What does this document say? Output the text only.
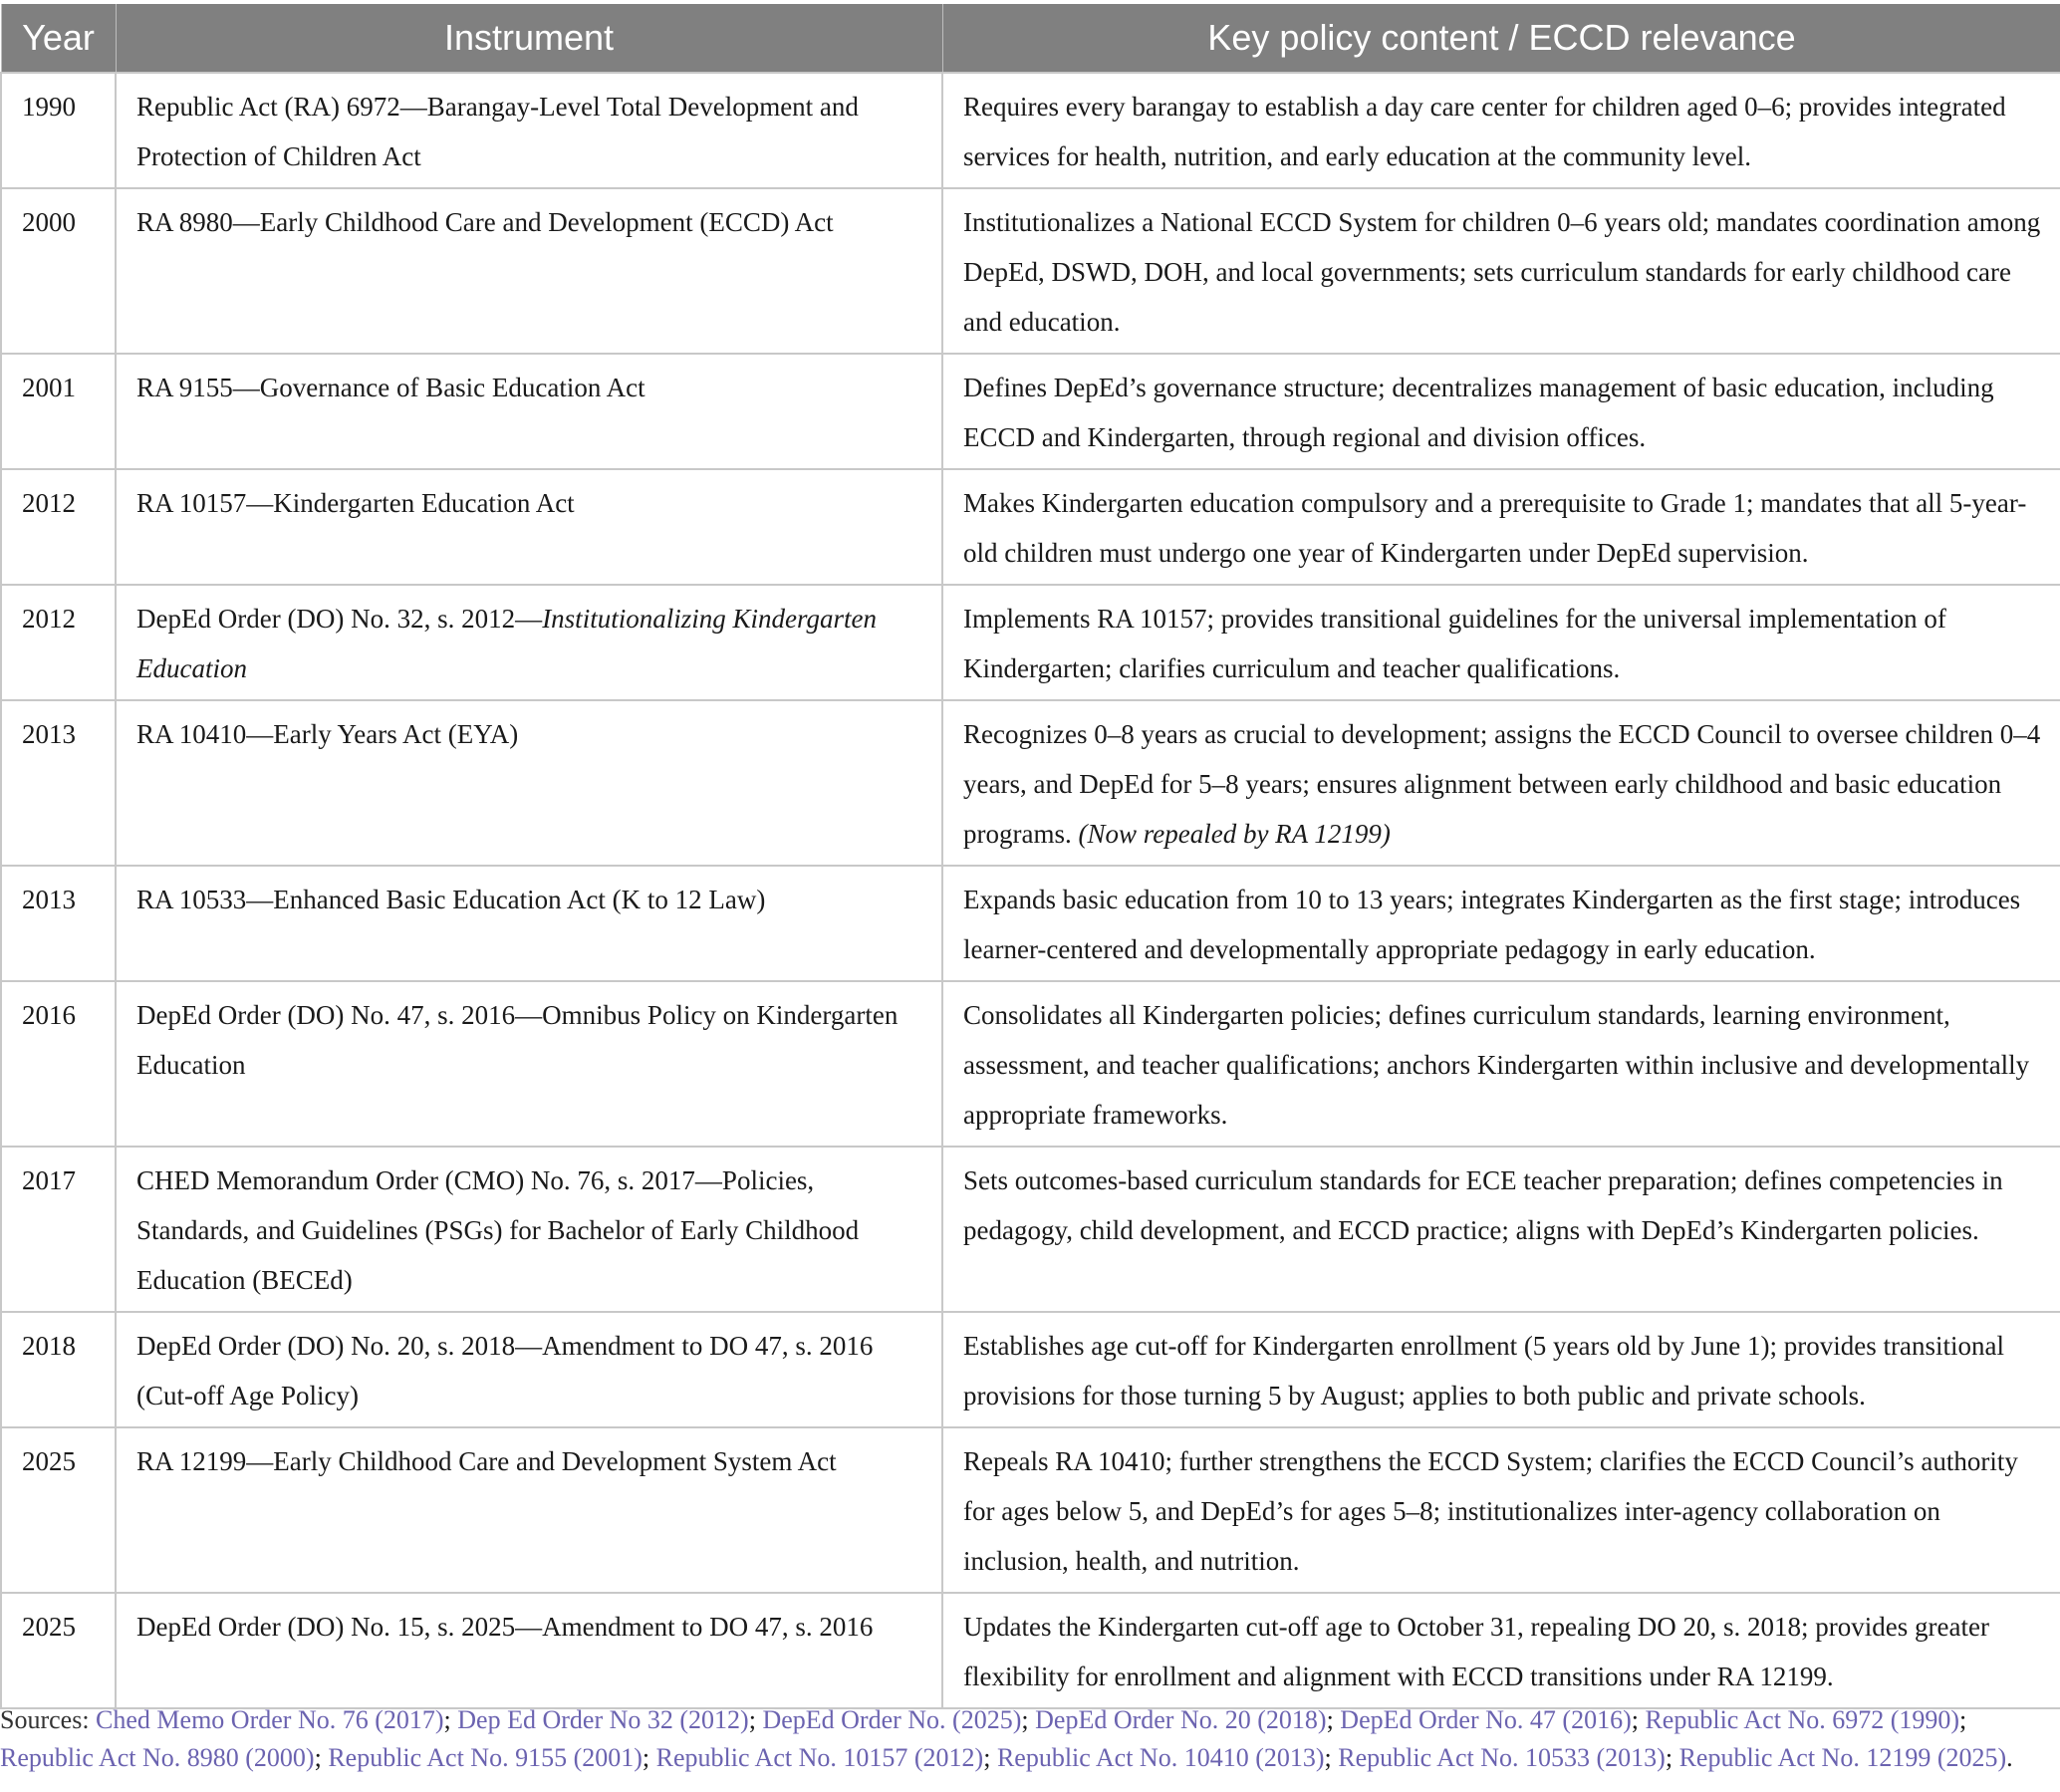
Year	Instrument	Key policy content / ECCD relevance
1990	Republic Act (RA) 6972—Barangay-Level Total Development and Protection of Children Act	Requires every barangay to establish a day care center for children aged 0–6; provides integrated services for health, nutrition, and early education at the community level.
2000	RA 8980—Early Childhood Care and Development (ECCD) Act	Institutionalizes a National ECCD System for children 0–6 years old; mandates coordination among DepEd, DSWD, DOH, and local governments; sets curriculum standards for early childhood care and education.
2001	RA 9155—Governance of Basic Education Act	Defines DepEd’s governance structure; decentralizes management of basic education, including ECCD and Kindergarten, through regional and division offices.
2012	RA 10157—Kindergarten Education Act	Makes Kindergarten education compulsory and a prerequisite to Grade 1; mandates that all 5-year-old children must undergo one year of Kindergarten under DepEd supervision.
2012	DepEd Order (DO) No. 32, s. 2012—Institutionalizing Kindergarten Education	Implements RA 10157; provides transitional guidelines for the universal implementation of Kindergarten; clarifies curriculum and teacher qualifications.
2013	RA 10410—Early Years Act (EYA)	Recognizes 0–8 years as crucial to development; assigns the ECCD Council to oversee children 0–4 years, and DepEd for 5–8 years; ensures alignment between early childhood and basic education programs. (Now repealed by RA 12199)
2013	RA 10533—Enhanced Basic Education Act (K to 12 Law)	Expands basic education from 10 to 13 years; integrates Kindergarten as the first stage; introduces learner-centered and developmentally appropriate pedagogy in early education.
2016	DepEd Order (DO) No. 47, s. 2016—Omnibus Policy on Kindergarten Education	Consolidates all Kindergarten policies; defines curriculum standards, learning environment, assessment, and teacher qualifications; anchors Kindergarten within inclusive and developmentally appropriate frameworks.
2017	CHED Memorandum Order (CMO) No. 76, s. 2017—Policies, Standards, and Guidelines (PSGs) for Bachelor of Early Childhood Education (BECEd)	Sets outcomes-based curriculum standards for ECE teacher preparation; defines competencies in pedagogy, child development, and ECCD practice; aligns with DepEd’s Kindergarten policies.
2018	DepEd Order (DO) No. 20, s. 2018—Amendment to DO 47, s. 2016 (Cut-off Age Policy)	Establishes age cut-off for Kindergarten enrollment (5 years old by June 1); provides transitional provisions for those turning 5 by August; applies to both public and private schools.
2025	RA 12199—Early Childhood Care and Development System Act	Repeals RA 10410; further strengthens the ECCD System; clarifies the ECCD Council’s authority for ages below 5, and DepEd’s for ages 5–8; institutionalizes inter-agency collaboration on inclusion, health, and nutrition.
2025	DepEd Order (DO) No. 15, s. 2025—Amendment to DO 47, s. 2016	Updates the Kindergarten cut-off age to October 31, repealing DO 20, s. 2018; provides greater flexibility for enrollment and alignment with ECCD transitions under RA 12199.
Sources: Ched Memo Order No. 76 (2017); Dep Ed Order No 32 (2012); DepEd Order No. (2025); DepEd Order No. 20 (2018); DepEd Order No. 47 (2016); Republic Act No. 6972 (1990); Republic Act No. 8980 (2000); Republic Act No. 9155 (2001); Republic Act No. 10157 (2012); Republic Act No. 10410 (2013); Republic Act No. 10533 (2013); Republic Act No. 12199 (2025).
